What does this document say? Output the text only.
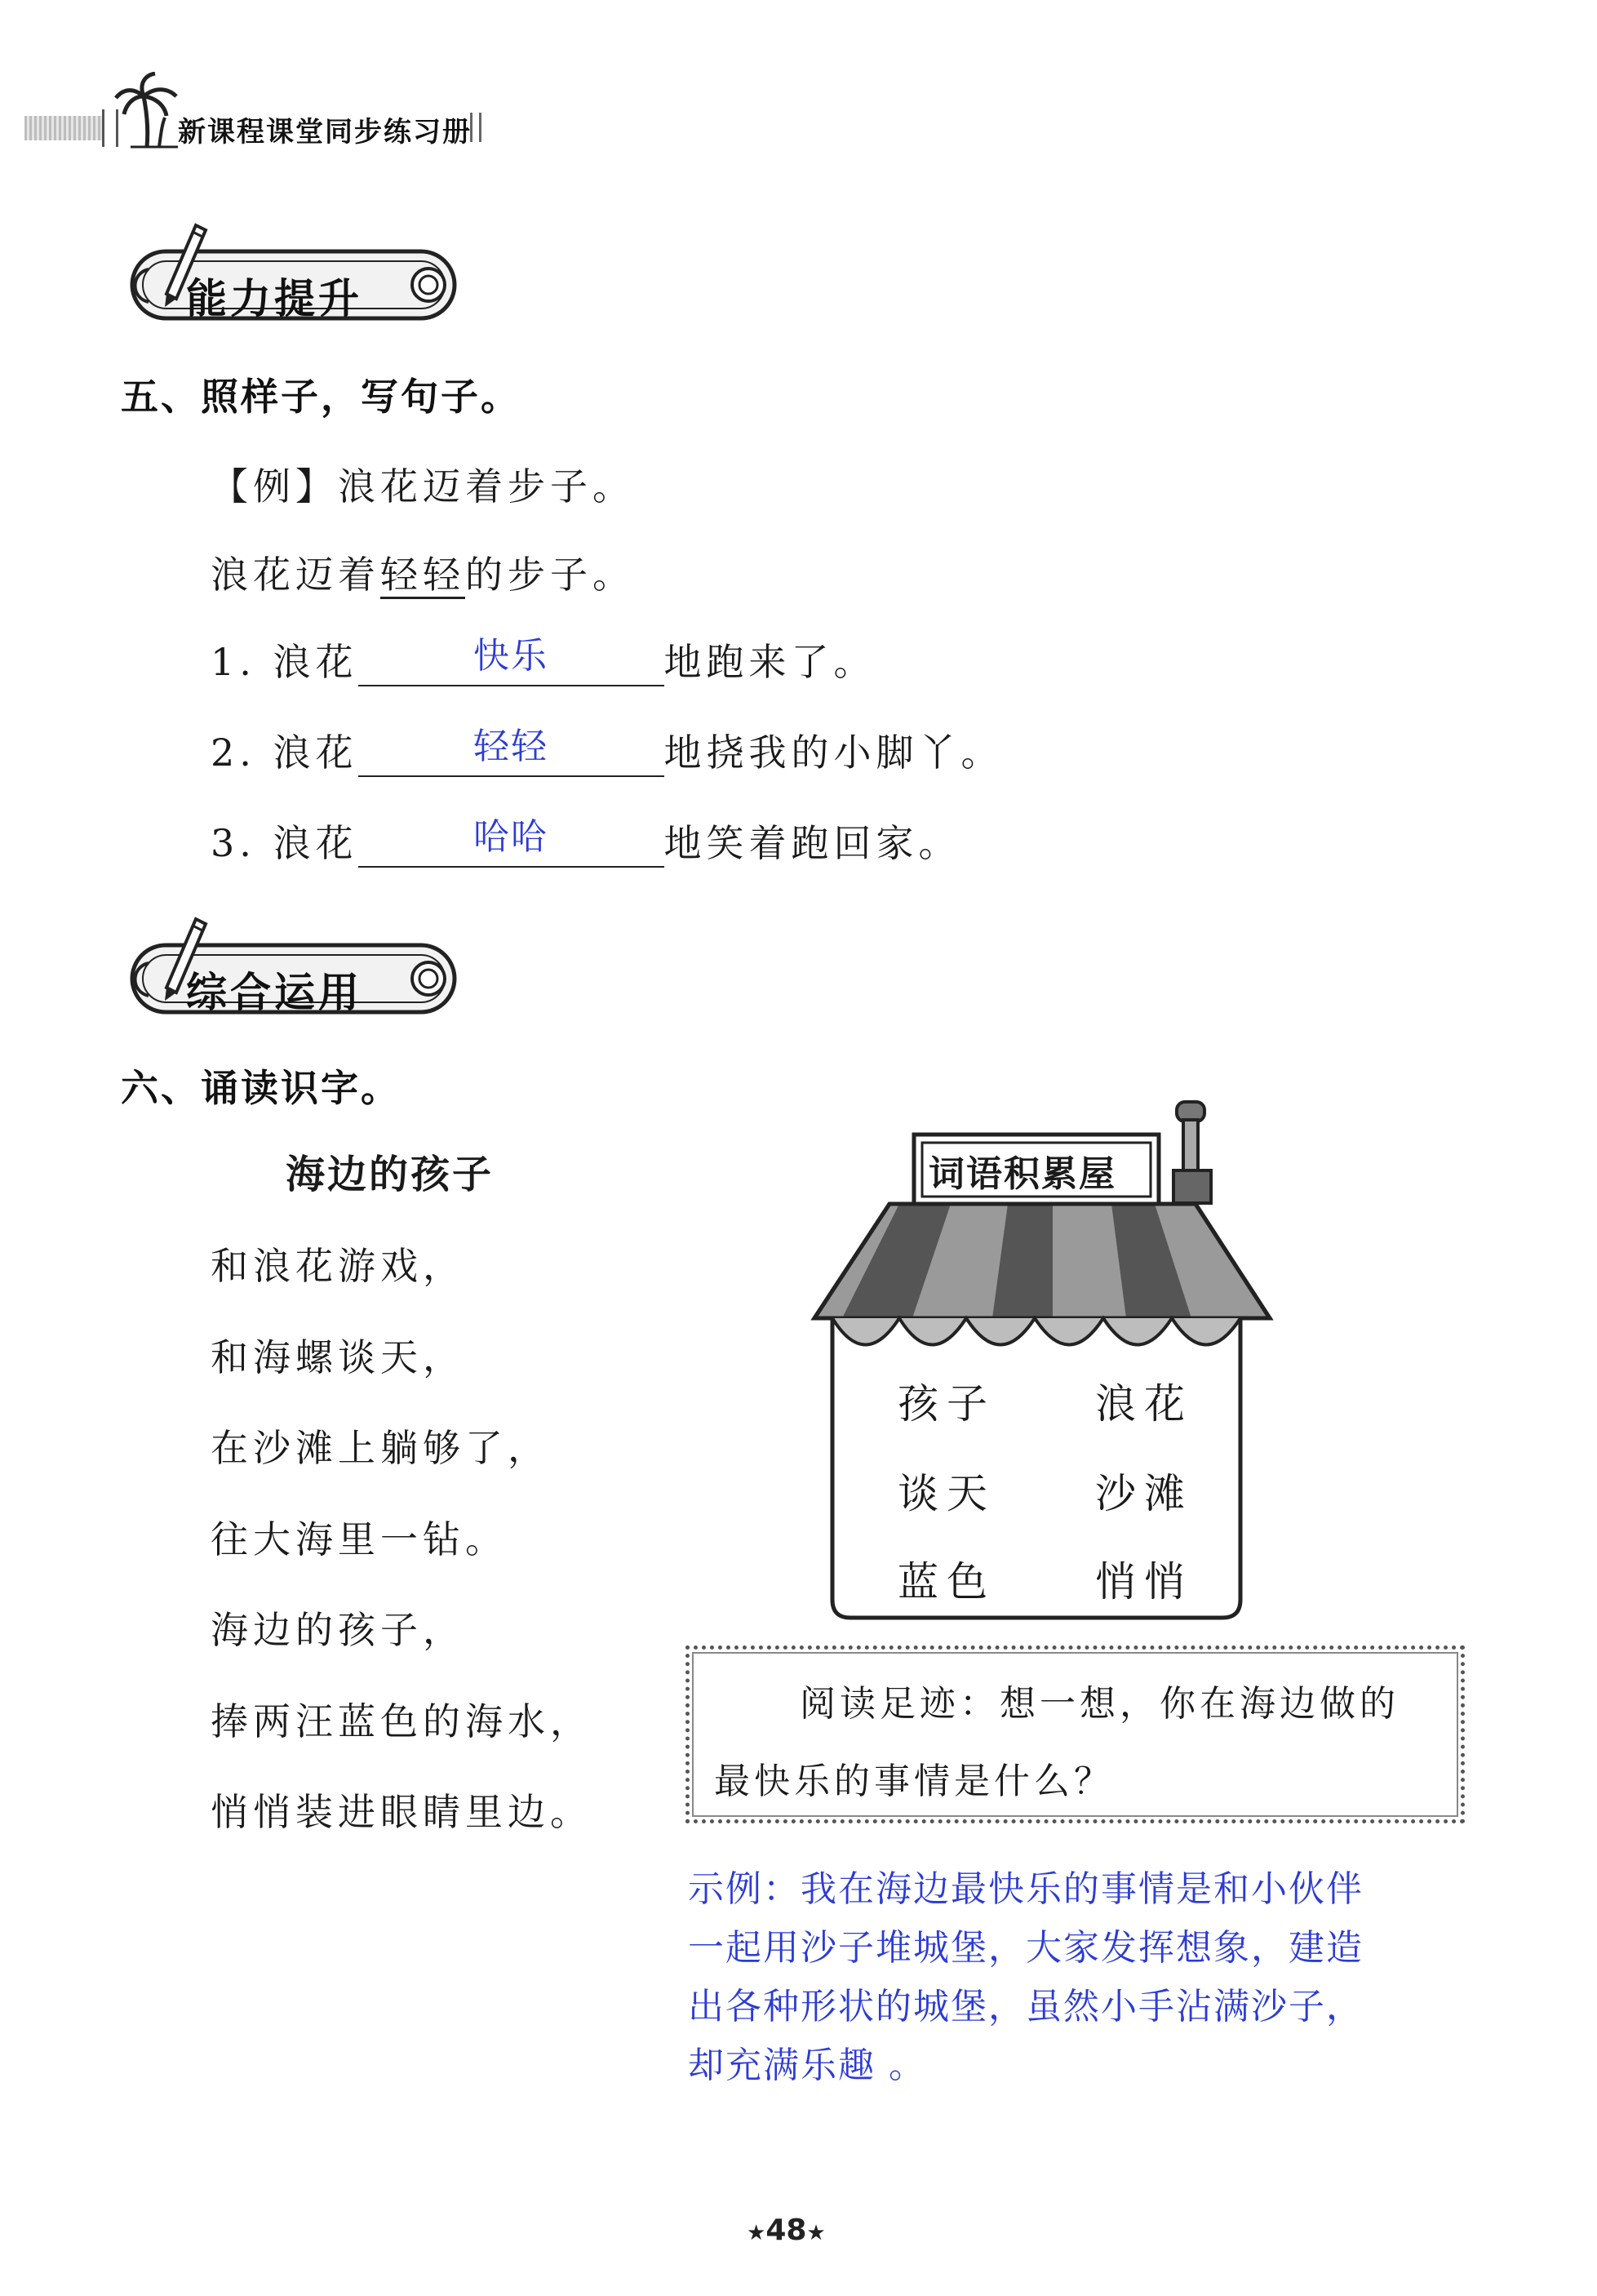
新课程课堂同步练习册
能力提升
五、照样子，写句子。
【例】浪花迈着步子。
浪花迈着轻轻的步子。
1. 浪花	快乐	地跑来了。
2. 浪花	轻轻	地挠我的小脚丫。
3. 浪花	哈哈	地笑着跑回家。
综合运用
六、诵读识字。
海边的孩子
和浪花游戏，
和海螺谈天，
在沙滩上躺够了，
往大海里一钻。
海边的孩子，
捧两汪蓝色的海水，
悄悄装进眼睛里边。
词语积累屋
孩子 浪花
谈天 沙滩
蓝色 悄悄
阅读足迹：想一想，你在海边做的
最快乐的事情是什么？
示例：我在海边最快乐的事情是和小伙伴
一起用沙子堆城堡，大家发挥想象，建造
出各种形状的城堡，虽然小手沾满沙子，
却充满乐趣 。
★48★
